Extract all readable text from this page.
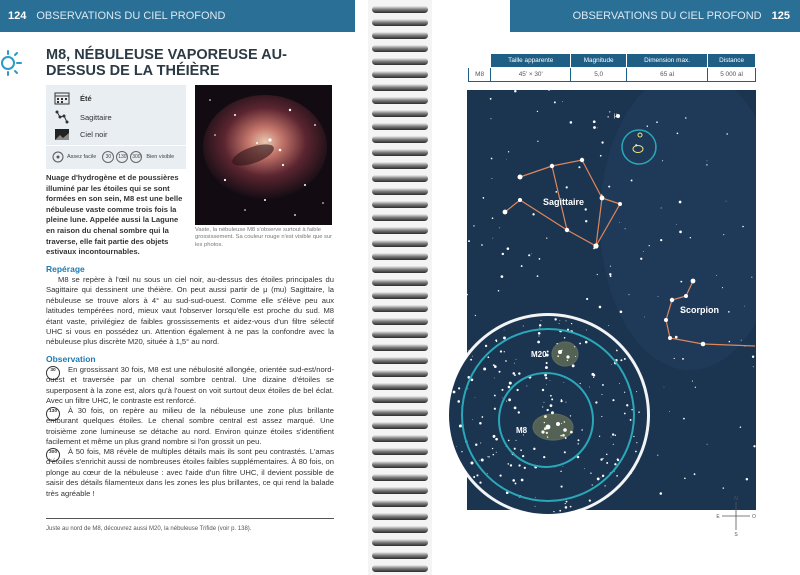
124 OBSERVATIONS DU CIEL PROFOND
M8, NÉBULEUSE VAPOREUSE AU-DESSUS DE LA THÉIÈRE
Été
Sagittaire
Ciel noir
Assez facile	30	130	300	Bien visible
Vaste, la nébuleuse M8 s'observe surtout à faible grossissement. Sa couleur rouge n'est visible que sur les photos.
Nuage d'hydrogène et de poussières illuminé par les étoiles qui se sont formées en son sein, M8 est une belle nébuleuse vaste comme trois fois la pleine lune. Appelée aussi la Lagune en raison du chenal sombre qui la traverse, elle fait partie des objets estivaux incontournables.
Repérage
M8 se repère à l'œil nu sous un ciel noir, au-dessus des étoiles principales du Sagittaire qui dessinent une théière. On peut aussi partir de μ (mu) Sagittaire, la nébuleuse se trouve alors à 4° au sud-sud-ouest. Comme elle s'élève peu aux latitudes tempérées nord, mieux vaut l'observer lorsqu'elle est proche du sud. M8 étant vaste, privilégiez de faibles grossissements et aidez-vous d'un filtre sélectif UHC si vous en possédez un. Attention également à ne pas la confondre avec la nébuleuse plus discrète M20, située à 1,5° au nord.
Observation
30	En grossissant 30 fois, M8 est une nébulosité allongée, orientée sud-est/nord-ouest et traversée par un chenal sombre central. Une dizaine d'étoiles se superposent à la zone est, alors qu'à l'ouest on voit surtout deux étoiles de bel éclat. Avec un filtre UHC, le contraste est renforcé.
130	À 30 fois, on repère au milieu de la nébuleuse une zone plus brillante entourant quelques étoiles. Le chenal sombre central est assez marqué. Une troisième zone lumineuse se détache au nord. Environ quinze étoiles s'identifient facilement et même un plus grand nombre si l'on grossit un peu.
300	À 50 fois, M8 révèle de multiples détails mais ils sont peu contrastés. L'amas d'étoiles s'enrichit aussi de nombreuses étoiles faibles supplémentaires. À 80 fois, on plonge au cœur de la nébuleuse : avec l'aide d'un filtre UHC, il devient possible de saisir des détails filamenteux dans les zones les plus brillantes, ce qui rend la balade très agréable !
Juste au nord de M8, découvrez aussi M20, la nébuleuse Trifide (voir p. 138).
OBSERVATIONS DU CIEL PROFOND 125
	Taille apparente	Magnitude	Dimension max.	Distance
M8	45' × 30'	5,0	65 al	5 000 al
Sagittaire
Scorpion
μ
M20
M8
N
S
E	O
